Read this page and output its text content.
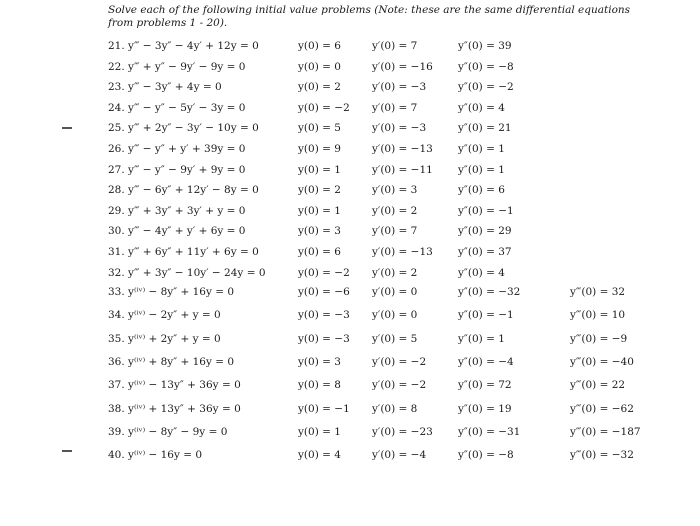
Solve each of the following initial value problems (Note: these are the same differential equations
from problems 1 - 20).
21. y‴ − 3y″ − 4y′ + 12y = 0	y(0) = 6	y′(0) = 7	y″(0) = 39
22. y‴ + y″ − 9y′ − 9y = 0	y(0) = 0	y′(0) = −16 y″(0) = −8
23. y‴ − 3y″ + 4y = 0	y(0) = 2	y′(0) = −3	y″(0) = −2
24. y‴ − y″ − 5y′ − 3y = 0	y(0) = −2 y′(0) = 7	y″(0) = 4
25. y‴ + 2y″ − 3y′ − 10y = 0	y(0) = 5	y′(0) = −3	y″(0) = 21
26. y‴ − y″ + y′ + 39y = 0	y(0) = 9	y′(0) = −13 y″(0) = 1
27. y‴ − y″ − 9y′ + 9y = 0	y(0) = 1	y′(0) = −11 y″(0) = 1
28. y‴ − 6y″ + 12y′ − 8y = 0	y(0) = 2	y′(0) = 3	y″(0) = 6
29. y‴ + 3y″ + 3y′ + y = 0	y(0) = 1	y′(0) = 2	y″(0) = −1
30. y‴ − 4y″ + y′ + 6y = 0	y(0) = 3	y′(0) = 7	y″(0) = 29
31. y‴ + 6y″ + 11y′ + 6y = 0	y(0) = 6	y′(0) = −13 y″(0) = 37
32. y‴ + 3y″ − 10y′ − 24y = 0	y(0) = −2 y′(0) = 2	y″(0) = 4
33. y⁽ⁱᵛ⁾ − 8y″ + 16y = 0	y(0) = −6 y′(0) = 0	y″(0) = −32	y‴(0) = 32
34. y⁽ⁱᵛ⁾ − 2y″ + y = 0	y(0) = −3 y′(0) = 0	y″(0) = −1	y‴(0) = 10
35. y⁽ⁱᵛ⁾ + 2y″ + y = 0	y(0) = −3 y′(0) = 5	y″(0) = 1	y‴(0) = −9
36. y⁽ⁱᵛ⁾ + 8y″ + 16y = 0	y(0) = 3	y′(0) = −2	y″(0) = −4	y‴(0) = −40
37. y⁽ⁱᵛ⁾ − 13y″ + 36y = 0	y(0) = 8	y′(0) = −2	y″(0) = 72	y‴(0) = 22
38. y⁽ⁱᵛ⁾ + 13y″ + 36y = 0	y(0) = −1 y′(0) = 8	y″(0) = 19	y‴(0) = −62
39. y⁽ⁱᵛ⁾ − 8y″ − 9y = 0	y(0) = 1	y′(0) = −23 y″(0) = −31	y‴(0) = −187
40. y⁽ⁱᵛ⁾ − 16y = 0	y(0) = 4	y′(0) = −4	y″(0) = −8	y‴(0) = −32
